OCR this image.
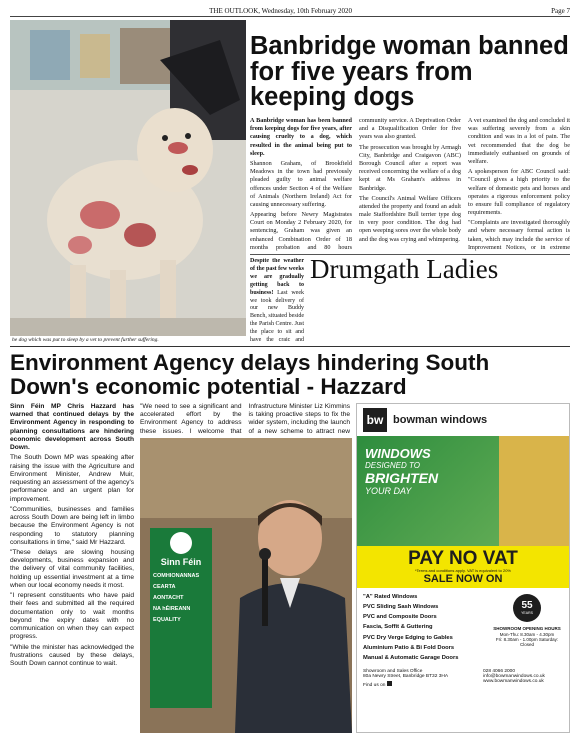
THE OUTLOOK, Wednesday, 10th February 2020	Page 7
he dog which was put to sleep by a vet to prevent further suffering.
Banbridge woman banned for five years from keeping dogs

A Banbridge woman has been banned from keeping dogs for five years, after causing cruelty to a dog, which resulted in the animal being put to sleep.

Shannon Graham, of Brookfield Meadows in the town had previously pleaded guilty to animal welfare offences under Section 4 of the Welfare of Animals (Northern Ireland) Act for causing unnecessary suffering.

Appearing before Newry Magistrates Court on Monday 2 February 2020, for sentencing, Graham was given an enhanced Combination Order of 18 months probation and 80 hours community service. A Deprivation Order and a Disqualification Order for five years was also granted.

The prosecution was brought by Armagh City, Banbridge and Craigavon (ABC) Borough Council after a report was received concerning the welfare of a dog kept at Ms Graham's address in Banbridge.

The Council's Animal Welfare Officers attended the property and found an adult male Staffordshire Bull terrier type dog in very poor condition. The dog had open weeping sores over the whole body and the dog was crying and whimpering.

A vet examined the dog and concluded it was suffering severely from a skin condition and was in a lot of pain. The vet recommended that the dog be immediately euthanised on grounds of welfare.

A spokesperson for ABC Council said: "Council gives a high priority to the welfare of domestic pets and horses and operates a rigorous enforcement policy to ensure full compliance of regulatory requirements.

"Complaints are investigated thoroughly and where necessary formal action is taken, which may include the service of Improvement Notices, or in extreme

Despite the weather of the past few weeks we are gradually getting back to business! Last week we took delivery of our new Buddy Bench, situated beside the Parish Centre. Just the place to sit and have the craic and
Drumgath Ladies
Environment Agency delays hindering South Down's economic potential - Hazzard

Sinn Féin MP Chris Hazzard has warned that continued delays by the Environment Agency in responding to planning consultations are hindering economic development across South Down.

The South Down MP was speaking after raising the issue with the Agriculture and Environment Minister, Andrew Muir, requesting an assessment of the agency's performance and an urgent plan for improvement.

"Communities, businesses and families across South Down are being left in limbo because the Environment Agency is not responding to statutory planning consultations in time," said Mr Hazzard.

"These delays are slowing housing developments, business expansion and the delivery of vital community facilities, holding up essential investment at a time when our local economy needs it most.

"I represent constituents who have paid their fees and submitted all the required documentation only to wait months beyond the expiry dates with no communication on when they can expect progress.

"While the minister has acknowledged the frustrations caused by these delays, South Down cannot continue to wait.

"We need to see a significant and accelerated effort by the Environment Agency to address these issues. I welcome that Infrastructure Minister Liz Kimmins is taking proactive steps to fix the wider system, including the launch of a new scheme to attract new

Sinn Féin
COMHIONANNAS
CEARTA
AONTACHT
NA hÉIREANN
EQUALITY
bw bowman windows
WINDOWS
DESIGNED TO
BRIGHTEN
YOUR DAY
PAY NO VAT
*Terms and conditions apply. VAT is equivalent to 20%
SALE NOW ON
"A" Rated Windows
PVC Sliding Sash Windows
PVC and Composite Doors
Fascia, Soffit & Guttering
PVC Dry Verge Edging to Gables
Aluminium Patio & Bi Fold Doors
Manual & Automatic Garage Doors
55
YEARS
SHOWROOM OPENING HOURS
Mon-Thu: 8.30am - 4.30pm
Fri: 8.30am - 1.00pm Saturday: Closed
Showroom and Sales Office
80a Newry Street, Banbridge BT32 3HA
Find us on
028 4066 2000
info@bowmanwindows.co.uk
www.bowmanwindows.co.uk
